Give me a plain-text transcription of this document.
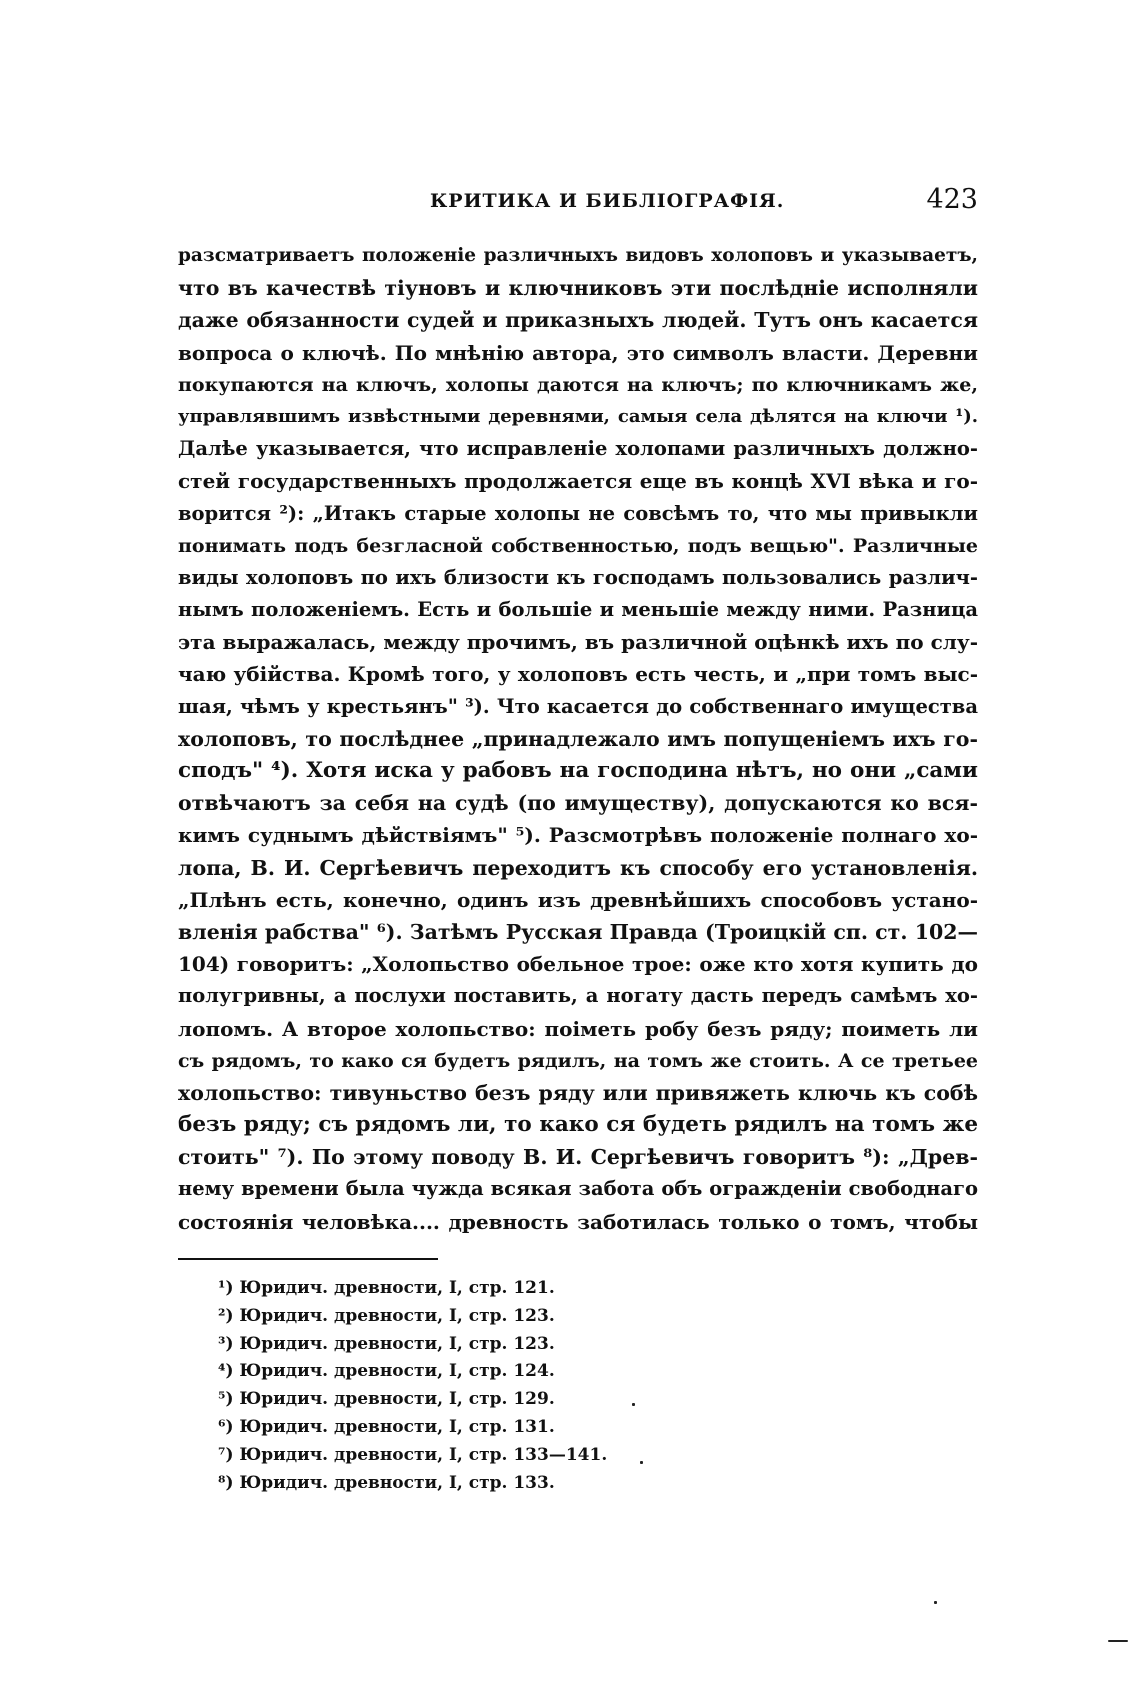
КРИТИКА И БИБЛІОГРАФІЯ.	423
разсматриваетъ положеніе различныхъ видовъ холоповъ и указываетъ,
что въ качествѣ тіуновъ и ключниковъ эти послѣдніе исполняли
даже обязанности судей и приказныхъ людей. Тутъ онъ касается
вопроса о ключѣ. По мнѣнію автора, это символъ власти. Деревни
покупаются на ключъ, холопы даются на ключъ; по ключникамъ же,
управлявшимъ извѣстными деревнями, самыя села дѣлятся на ключи ¹).
Далѣе указывается, что исправленіе холопами различныхъ должно-
стей государственныхъ продолжается еще въ концѣ XVI вѣка и го-
ворится ²): „Итакъ старые холопы не совсѣмъ то, что мы привыкли
понимать подъ безгласной собственностью, подъ вещью". Различные
виды холоповъ по ихъ близости къ господамъ пользовались различ-
нымъ положеніемъ. Есть и большіе и меньшіе между ними. Разница
эта выражалась, между прочимъ, въ различной оцѣнкѣ ихъ по слу-
чаю убійства. Кромѣ того, у холоповъ есть честь, и „при томъ выс-
шая, чѣмъ у крестьянъ" ³). Что касается до собственнаго имущества
холоповъ, то послѣднее „принадлежало имъ попущеніемъ ихъ го-
сподъ" ⁴). Хотя иска у рабовъ на господина нѣтъ, но они „сами
отвѣчаютъ за себя на судѣ (по имуществу), допускаются ко вся-
кимъ суднымъ дѣйствіямъ" ⁵). Разсмотрѣвъ положеніе полнаго хо-
лопа, В. И. Сергѣевичъ переходитъ къ способу его установленія.
„Плѣнъ есть, конечно, одинъ изъ древнѣйшихъ способовъ устано-
вленія рабства" ⁶). Затѣмъ Русская Правда (Троицкій сп. ст. 102—
104) говоритъ: „Холопьство обельное трое: оже кто хотя купить до
полугривны, а послухи поставить, а ногату дасть передъ самѣмъ хо-
лопомъ. А второе холопьство: поіметь робу безъ ряду; поиметь ли
съ рядомъ, то како ся будетъ рядилъ, на томъ же стоить. А се третьее
холопьство: тивуньство безъ ряду или привяжеть ключь къ собѣ
безъ ряду; съ рядомъ ли, то како ся будеть рядилъ на томъ же
стоить" ⁷). По этому поводу В. И. Сергѣевичъ говоритъ ⁸): „Древ-
нему времени была чужда всякая забота объ огражденіи свободнаго
состоянія человѣка.... древность заботилась только о томъ, чтобы
¹) Юридич. древности, I, стр. 121.
²) Юридич. древности, I, стр. 123.
³) Юридич. древности, I, стр. 123.
⁴) Юридич. древности, I, стр. 124.
⁵) Юридич. древности, I, стр. 129.
⁶) Юридич. древности, I, стр. 131.
⁷) Юридич. древности, I, стр. 133—141.
⁸) Юридич. древности, I, стр. 133.
